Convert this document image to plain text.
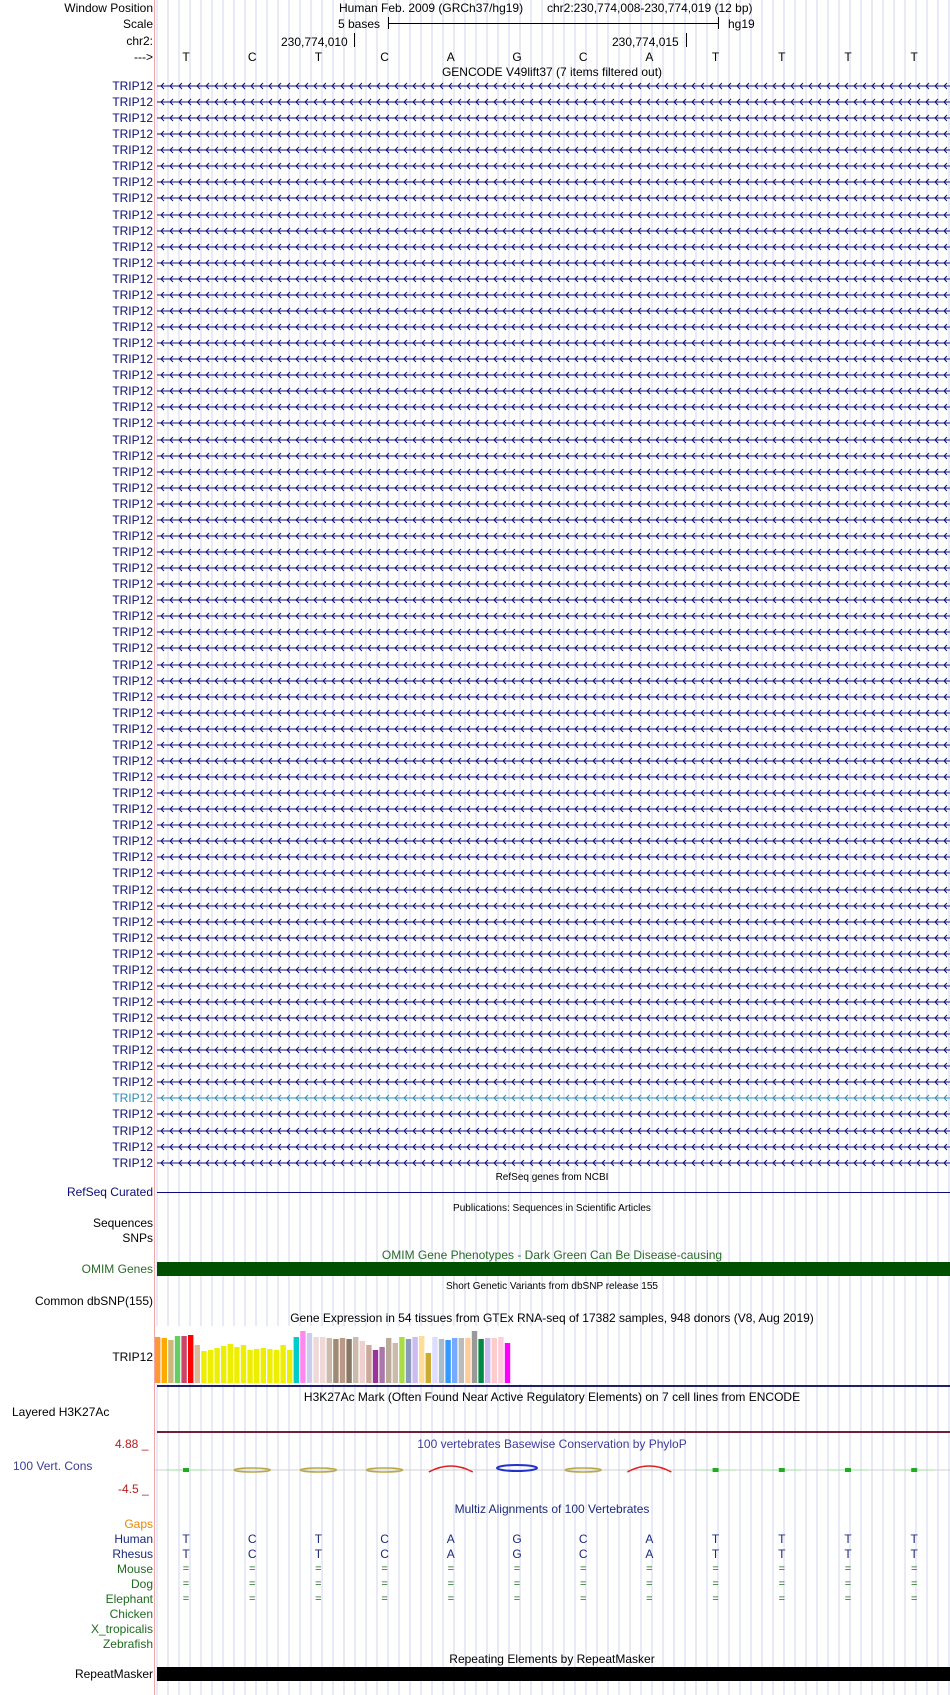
Window Position
Scale
chr2:
--->
Human Feb. 2009 (GRCh37/hg19) chr2:230,774,008-230,774,019 (12 bp)
5 bases	hg19
230,774,010	230,774,015
T	C	T	C	A	G	C	A	T	T	T	T
GENCODE V49lift37 (7 items filtered out)
TRIP12
TRIP12
TRIP12
TRIP12
TRIP12
TRIP12
TRIP12
TRIP12
TRIP12
TRIP12
TRIP12
TRIP12
TRIP12
TRIP12
TRIP12
TRIP12
TRIP12
TRIP12
TRIP12
TRIP12
TRIP12
TRIP12
TRIP12
TRIP12
TRIP12
TRIP12
TRIP12
TRIP12
TRIP12
TRIP12
TRIP12
TRIP12
TRIP12
TRIP12
TRIP12
TRIP12
TRIP12
TRIP12
TRIP12
TRIP12
TRIP12
TRIP12
TRIP12
TRIP12
TRIP12
TRIP12
TRIP12
TRIP12
TRIP12
TRIP12
TRIP12
TRIP12
TRIP12
TRIP12
TRIP12
TRIP12
TRIP12
TRIP12
TRIP12
TRIP12
TRIP12
TRIP12
TRIP12
TRIP12
TRIP12
TRIP12
TRIP12
TRIP12
RefSeq genes from NCBI
RefSeq Curated
Publications: Sequences in Scientific Articles
Sequences
SNPs
OMIM Gene Phenotypes - Dark Green Can Be Disease-causing
OMIM Genes
Short Genetic Variants from dbSNP release 155
Common dbSNP(155)
Gene Expression in 54 tissues from GTEx RNA-seq of 17382 samples, 948 donors (V8, Aug 2019)
TRIP12
H3K27Ac Mark (Often Found Near Active Regulatory Elements) on 7 cell lines from ENCODE
Layered H3K27Ac
100 vertebrates Basewise Conservation by PhyloP
4.88 _
100 Vert. Cons
-4.5 _
Multiz Alignments of 100 Vertebrates
Gaps
Human T	C	T	C	A	G	C	A	T	T	T	T
Rhesus T	C	T	C	A	G	C	A	T	T	T	T
Mouse	=	=	=	=	=	=	=	=	=	=	=	=
Dog	=	=	=	=	=	=	=	=	=	=	=	=
Elephant	=	=	=	=	=	=	=	=	=	=	=	=
Chicken
X_tropicalis
Zebrafish
Repeating Elements by RepeatMasker
RepeatMasker
